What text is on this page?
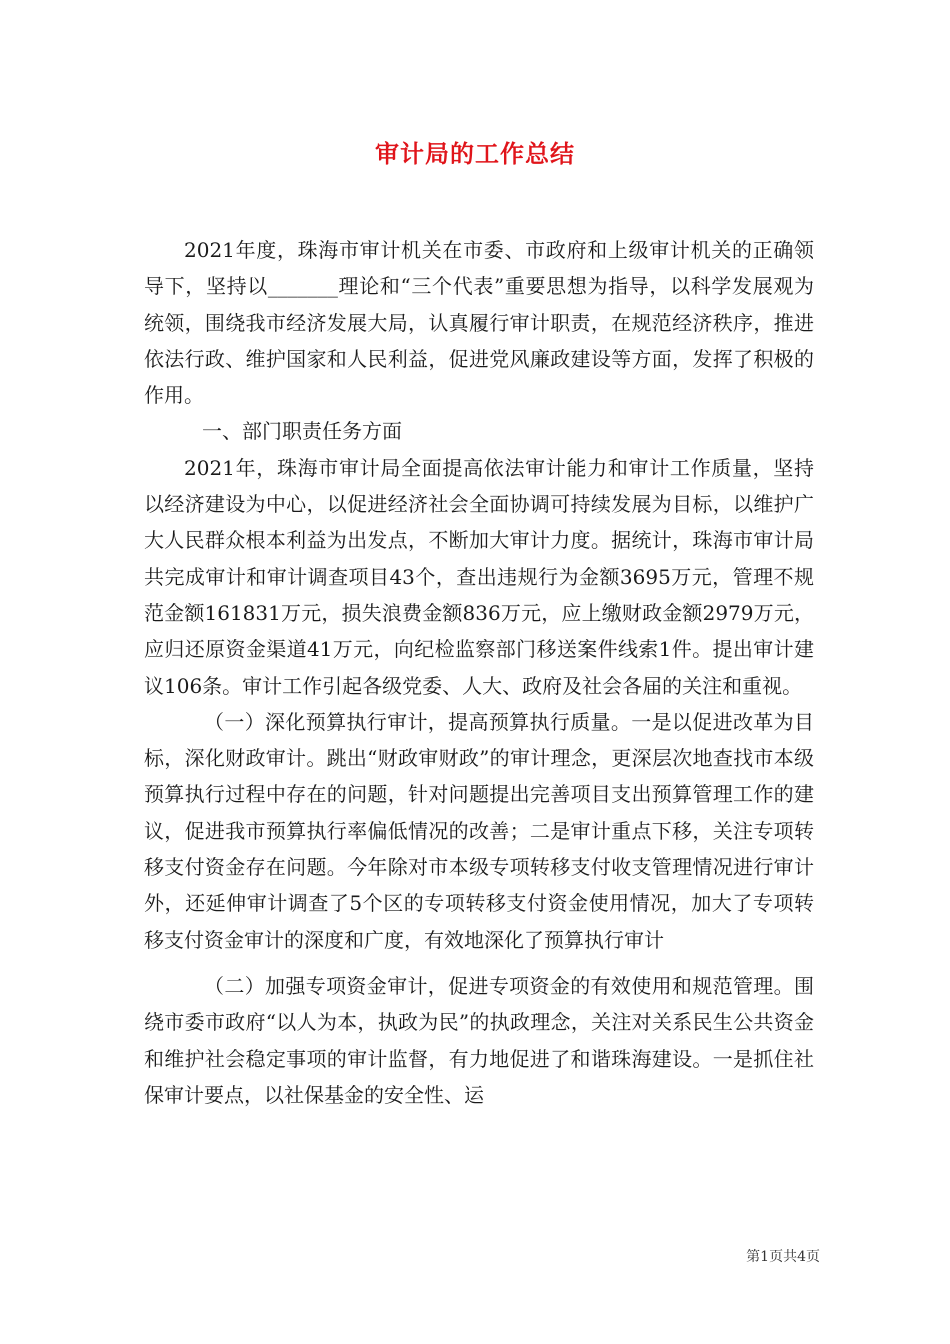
审计局的工作总结

2021年度，珠海市审计机关在市委、市政府和上级审计机关的正确领导下，坚持以_______理论和“三个代表”重要思想为指导，以科学发展观为统领，围绕我市经济发展大局，认真履行审计职责，在规范经济秩序，推进依法行政、维护国家和人民利益，促进党风廉政建设等方面，发挥了积极的作用。

一、部门职责任务方面

2021年，珠海市审计局全面提高依法审计能力和审计工作质量，坚持以经济建设为中心，以促进经济社会全面协调可持续发展为目标，以维护广大人民群众根本利益为出发点，不断加大审计力度。据统计，珠海市审计局共完成审计和审计调查项目43个，查出违规行为金额3695万元，管理不规范金额161831万元，损失浪费金额836万元，应上缴财政金额2979万元，应归还原资金渠道41万元，向纪检监察部门移送案件线索1件。提出审计建议106条。审计工作引起各级党委、人大、政府及社会各届的关注和重视。

（一）深化预算执行审计，提高预算执行质量。一是以促进改革为目标，深化财政审计。跳出“财政审财政”的审计理念，更深层次地查找市本级预算执行过程中存在的问题，针对问题提出完善项目支出预算管理工作的建议，促进我市预算执行率偏低情况的改善；二是审计重点下移，关注专项转移支付资金存在问题。今年除对市本级专项转移支付收支管理情况进行审计外，还延伸审计调查了5个区的专项转移支付资金使用情况，加大了专项转移支付资金审计的深度和广度，有效地深化了预算执行审计

（二）加强专项资金审计，促进专项资金的有效使用和规范管理。围绕市委市政府“以人为本，执政为民”的执政理念，关注对关系民生公共资金和维护社会稳定事项的审计监督，有力地促进了和谐珠海建设。一是抓住社保审计要点，以社保基金的安全性、运

第1页共4页
